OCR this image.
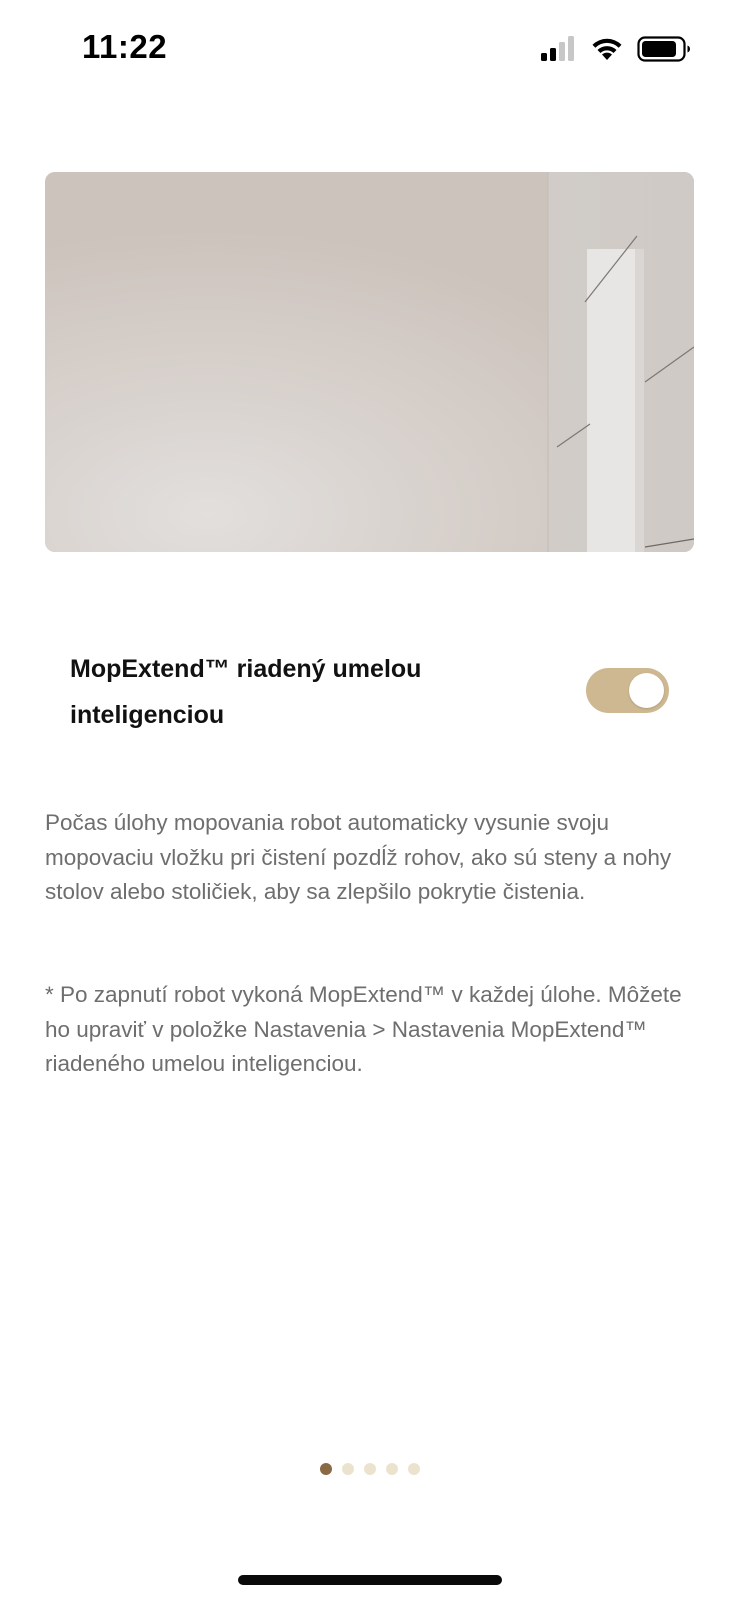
11:22
MopExtend™ riadený umelou inteligenciou

Počas úlohy mopovania robot automaticky vysunie svoju mopovaciu vložku pri čistení pozdĺž rohov, ako sú steny a nohy stolov alebo stoličiek, aby sa zlepšilo pokrytie čistenia.

* Po zapnutí robot vykoná MopExtend™ v každej úlohe. Môžete ho upraviť v položke Nastavenia > Nastavenia MopExtend™ riadeného umelou inteligenciou.
